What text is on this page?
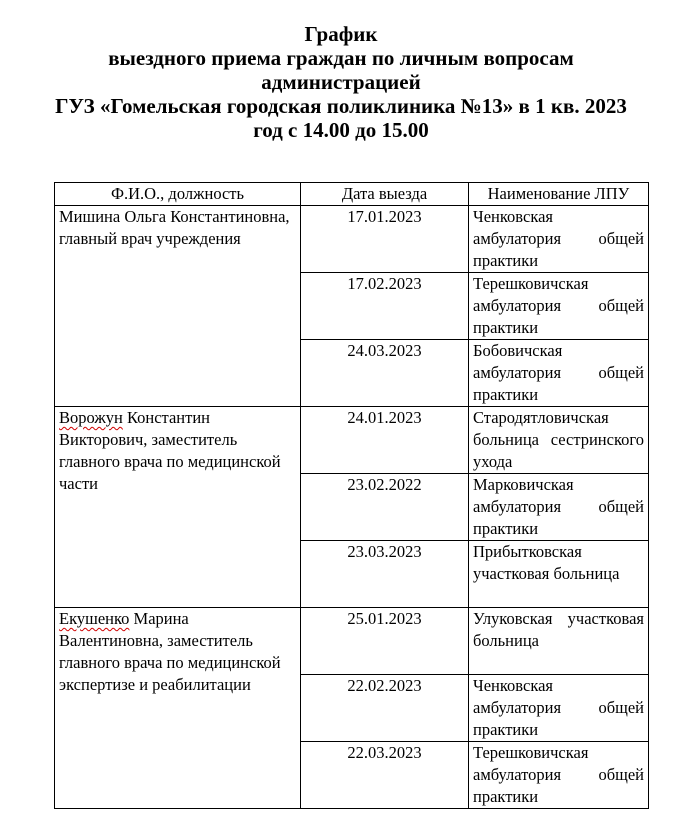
График
выездного приема граждан по личным вопросам
администрацией
ГУЗ «Гомельская городская поликлиника №13» в 1 кв. 2023
год с 14.00 до 15.00
Ф.И.О., должность	Дата выезда	Наименование ЛПУ
Мишина Ольга Константиновна, главный врач учреждения	17.01.2023	Ченковская амбулатория общей практики

	17.02.2023	Терешковичская амбулатория общей практики

	24.03.2023	Бобовичская амбулатория общей практики

Ворожун Константин Викторович, заместитель главного врача по медицинской части	24.01.2023	Стародятловичская больница сестринского ухода

	23.02.2022	Марковичская амбулатория общей практики

	23.03.2023	Прибытковская участковая больница

Екушенко Марина Валентиновна, заместитель главного врача по медицинской экспертизе и реабилитации	25.01.2023	Улуковская участковая больница

	22.02.2023	Ченковская амбулатория общей практики

	22.03.2023	Терешковичская амбулатория общей практики
